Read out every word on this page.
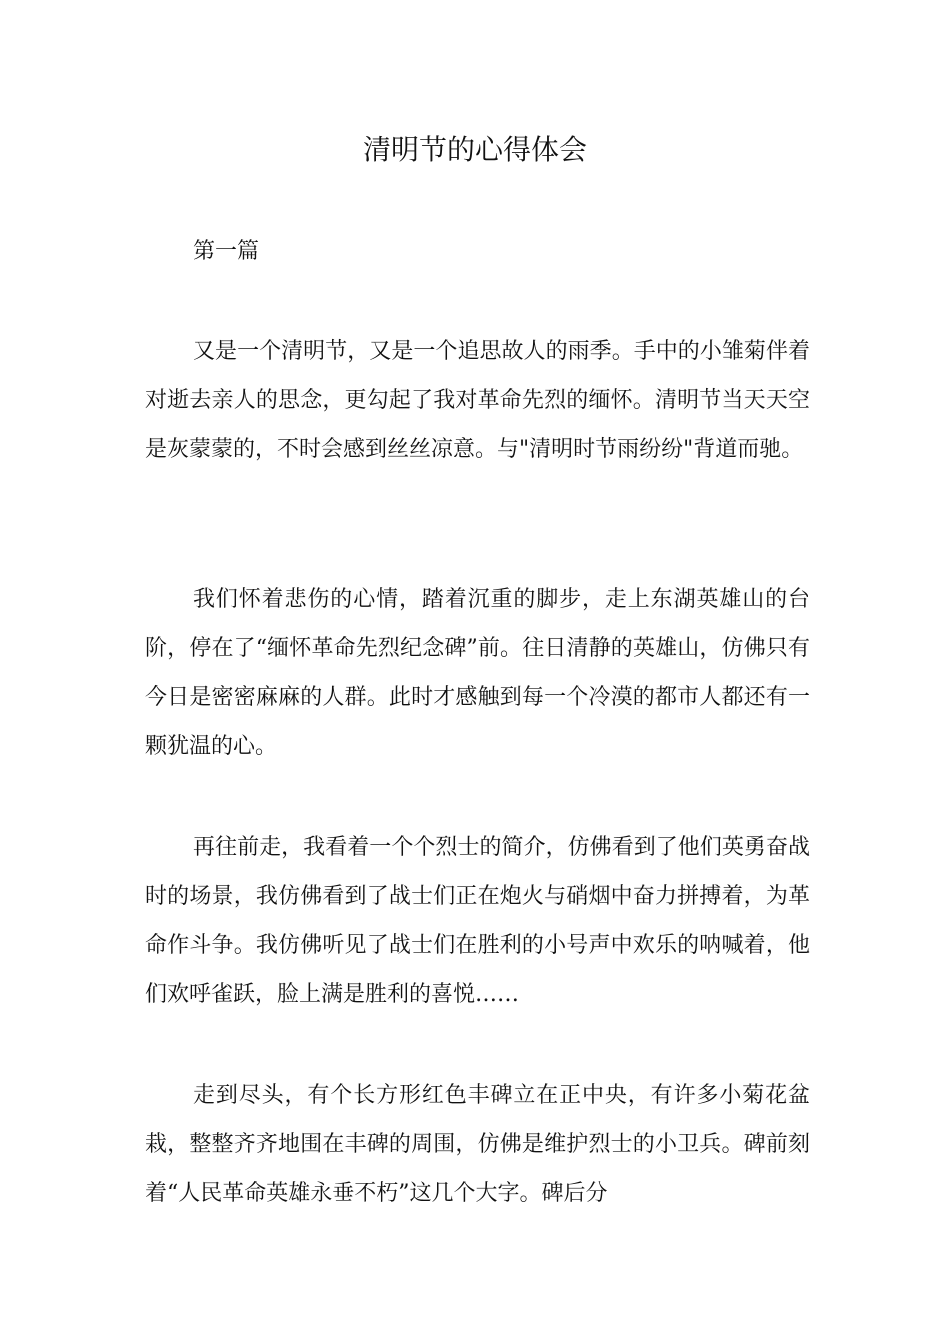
清明节的心得体会
第一篇

又是一个清明节，又是一个追思故人的雨季。手中的小雏菊伴着对逝去亲人的思念，更勾起了我对革命先烈的缅怀。清明节当天天空是灰蒙蒙的，不时会感到丝丝凉意。与"清明时节雨纷纷"背道而驰。

我们怀着悲伤的心情，踏着沉重的脚步，走上东湖英雄山的台阶，停在了“缅怀革命先烈纪念碑”前。往日清静的英雄山，仿佛只有今日是密密麻麻的人群。此时才感触到每一个冷漠的都市人都还有一颗犹温的心。

再往前走，我看着一个个烈士的简介，仿佛看到了他们英勇奋战时的场景，我仿佛看到了战士们正在炮火与硝烟中奋力拼搏着，为革命作斗争。我仿佛听见了战士们在胜利的小号声中欢乐的呐喊着，他们欢呼雀跃，脸上满是胜利的喜悦……

走到尽头，有个长方形红色丰碑立在正中央，有许多小菊花盆栽，整整齐齐地围在丰碑的周围，仿佛是维护烈士的小卫兵。碑前刻着“人民革命英雄永垂不朽”这几个大字。碑后分
